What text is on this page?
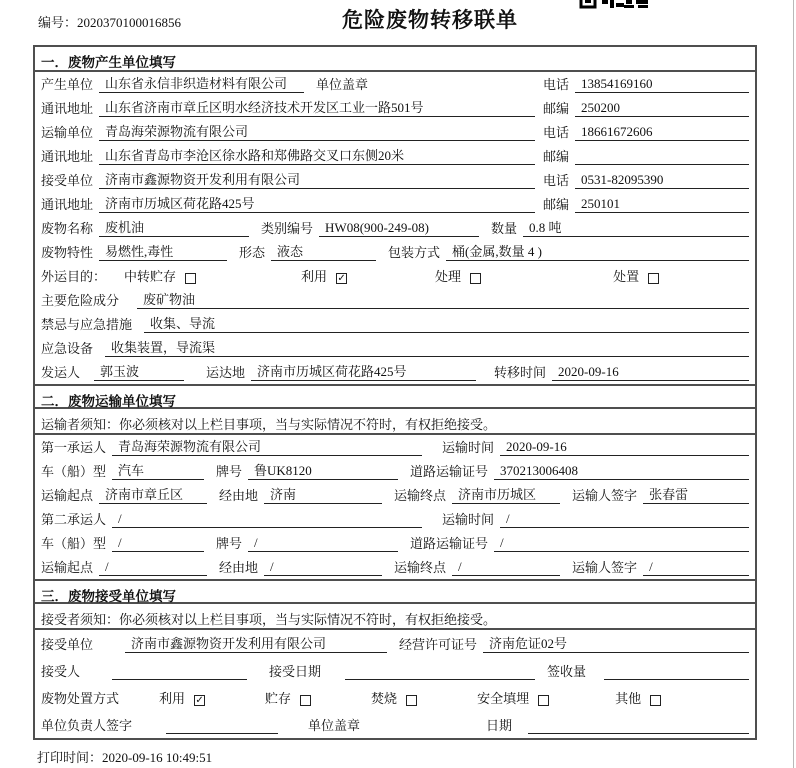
编号：2020370100016856	危险废物转移联单
一．废物产生单位填写
产生单位 山东省永信非织造材料有限公司	单位盖章	电话 13854169160
通讯地址 山东省济南市章丘区明水经济技术开发区工业一路501号	邮编 250200
运输单位 青岛海荣源物流有限公司	电话 18661672606
通讯地址 山东省青岛市李沧区徐水路和郑佛路交叉口东侧20米	邮编
接受单位 济南市鑫源物资开发利用有限公司	电话 0531-82095390
通讯地址 济南市历城区荷花路425号	邮编 250101
废物名称 废机油	类别编号 HW08(900-249-08)	数量 0.8 吨
废物特性 易燃性,毒性	形态 液态	包装方式 桶(金属,数量 4 )
外运目的： 中转贮存	利用 ✓	处理	处置
主要危险成分	废矿物油
禁忌与应急措施	收集、导流
应急设备	收集装置，导流渠
发运人	郭玉波	运达地 济南市历城区荷花路425号	转移时间 2020-09-16
二．废物运输单位填写
运输者须知：你必须核对以上栏目事项，当与实际情况不符时，有权拒绝接受。
第一承运人 青岛海荣源物流有限公司	运输时间 2020-09-16
车（船）型 汽车	牌号 鲁UK8120	道路运输证号 370213006408
运输起点 济南市章丘区	经由地 济南	运输终点 济南市历城区	运输人签字 张春雷
第二承运人 /	运输时间 /
车（船）型 /	牌号 /	道路运输证号 /
运输起点 /	经由地 /	运输终点 /	运输人签字 /
三．废物接受单位填写
接受者须知：你必须核对以上栏目事项，当与实际情况不符时，有权拒绝接受。
接受单位	济南市鑫源物资开发利用有限公司	经营许可证号 济南危证02号
接受人	接受日期	签收量
废物处置方式	利用 ✓	贮存	焚烧	安全填埋	其他
单位负责人签字	单位盖章	日期
打印时间：2020-09-16 10:49:51
